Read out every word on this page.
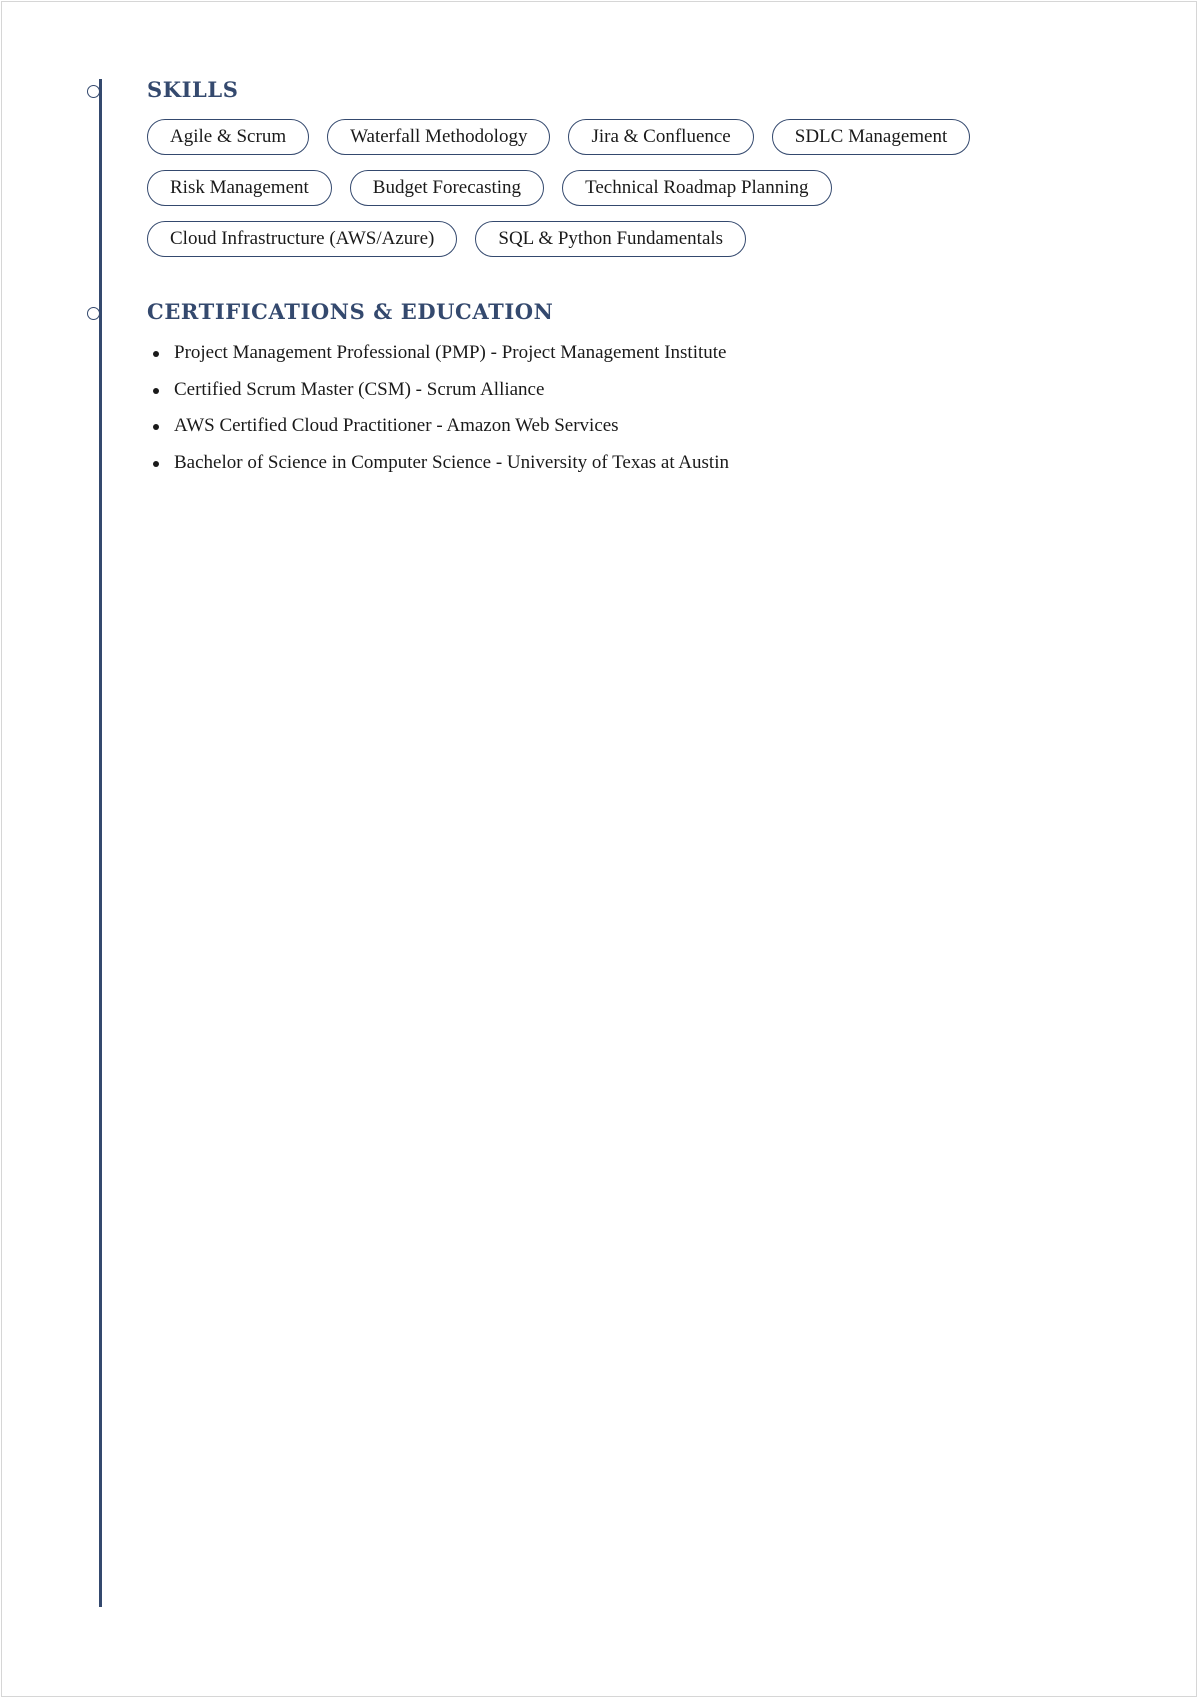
SKILLS
Agile & Scrum	Waterfall Methodology	Jira & Confluence	SDLC Management
Risk Management	Budget Forecasting	Technical Roadmap Planning
Cloud Infrastructure (AWS/Azure)	SQL & Python Fundamentals
CERTIFICATIONS & EDUCATION
Project Management Professional (PMP) - Project Management Institute
Certified Scrum Master (CSM) - Scrum Alliance
AWS Certified Cloud Practitioner - Amazon Web Services
Bachelor of Science in Computer Science - University of Texas at Austin
